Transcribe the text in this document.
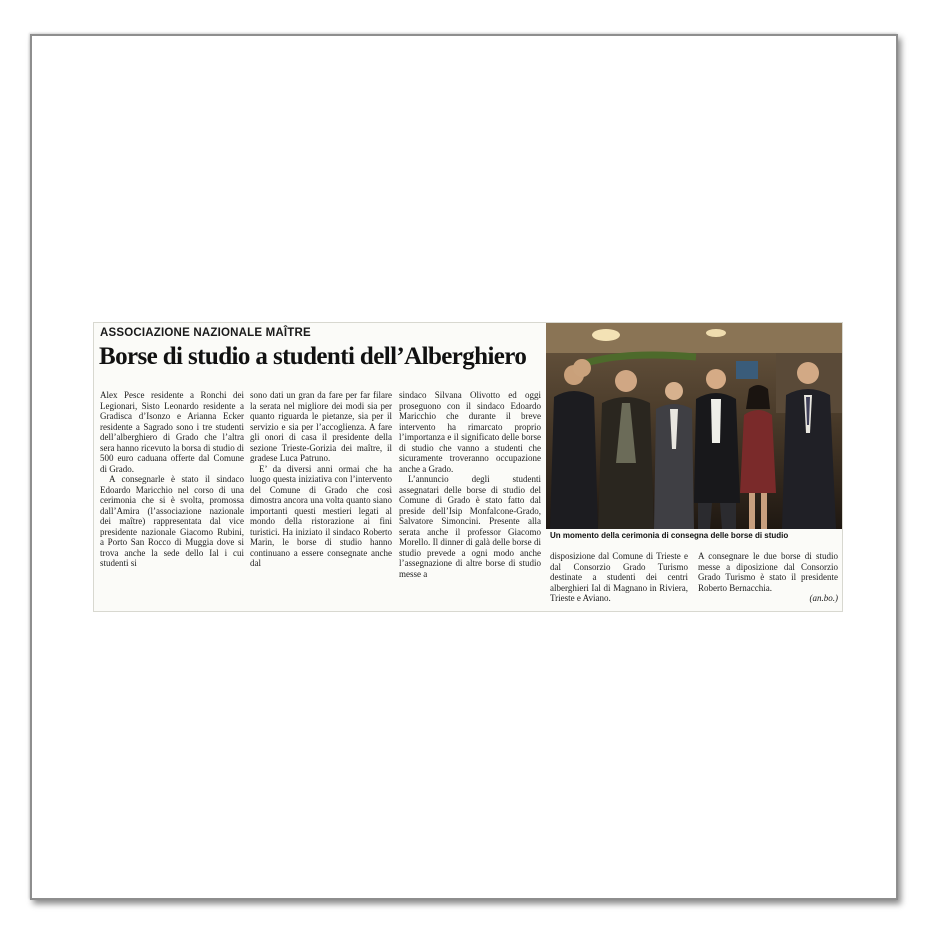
ASSOCIAZIONE NAZIONALE MAÎTRE
Borse di studio a studenti dell’Alberghiero

Alex Pesce residente a Ronchi dei Legionari, Sisto Leonardo residente a Gradisca d’Isonzo e Arianna Ecker residente a Sagrado sono i tre studenti dell’alberghiero di Grado che l’altra sera hanno ricevuto la borsa di studio di 500 euro caduana offerte dal Comune di Grado.

A consegnarle è stato il sindaco Edoardo Maricchio nel corso di una cerimonia che si è svolta, promossa dall’Amira (l’associazione nazionale dei maître) rappresentata dal vice presidente nazionale Giacomo Rubini, a Porto San Rocco di Muggia dove si trova anche la sede dello Ial i cui studenti si

sono dati un gran da fare per far filare la serata nel migliore dei modi sia per quanto riguarda le pietanze, sia per il servizio e sia per l’accoglienza. A fare gli onori di casa il presidente della sezione Trieste-Gorizia dei maître, il gradese Luca Patruno.

E’ da diversi anni ormai che ha luogo questa iniziativa con l’intervento del Comune di Grado che così dimostra ancora una volta quanto siano importanti questi mestieri legati al mondo della ristorazione ai fini turistici. Ha iniziato il sindaco Roberto Marin, le borse di studio hanno continuano a essere consegnate anche dal

sindaco Silvana Olivotto ed oggi proseguono con il sindaco Edoardo Maricchio che durante il breve intervento ha rimarcato proprio l’importanza e il significato delle borse di studio che vanno a studenti che sicuramente troveranno occupazione anche a Grado.

L’annuncio degli studenti assegnatari delle borse di studio del Comune di Grado è stato fatto dal preside dell’Isip Monfalcone-Grado, Salvatore Simoncini. Presente alla serata anche il professor Giacomo Morello. Il dinner di galà delle borse di studio prevede a ogni modo anche l’assegnazione di altre borse di studio messe a

Un momento della cerimonia di consegna delle borse di studio

disposizione dal Comune di Trieste e dal Consorzio Grado Turismo destinate a studenti dei centri alberghieri Ial di Magnano in Riviera, Trieste e Aviano.

A consegnare le due borse di studio messe a diposizione dal Consorzio Grado Turismo è stato il presidente Roberto Bernacchia.

(an.bo.)
